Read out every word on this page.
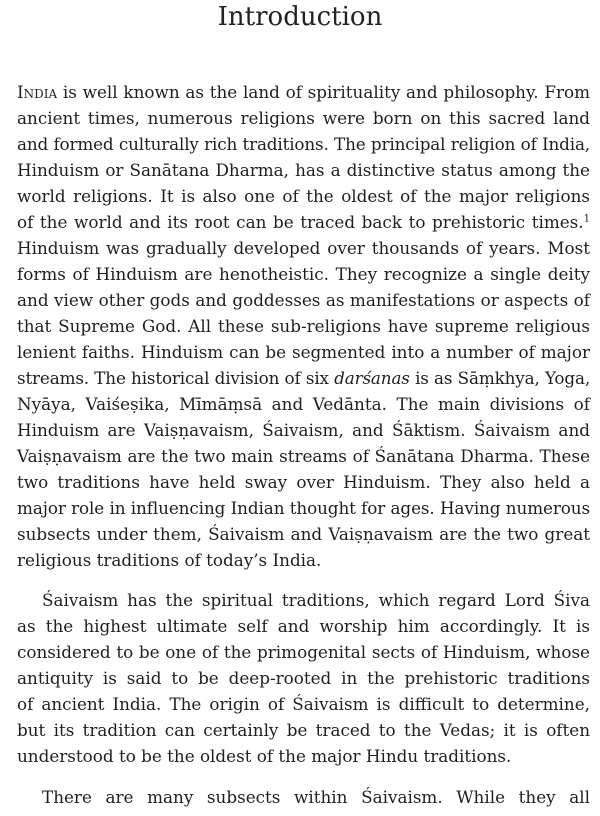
Introduction
India is well known as the land of spirituality and philosophy. From
ancient times, numerous religions were born on this sacred land
and formed culturally rich traditions. The principal religion of India,
Hinduism or Sanātana Dharma, has a distinctive status among the
world religions. It is also one of the oldest of the major religions
of the world and its root can be traced back to prehistoric times.$^1$
Hinduism was gradually developed over thousands of years. Most
forms of Hinduism are henotheistic. They recognize a single deity
and view other gods and goddesses as manifestations or aspects of
that Supreme God. All these sub-religions have supreme religious
lenient faiths. Hinduism can be segmented into a number of major
streams. The historical division of six darśanas is as Sāṃkhya, Yoga,
Nyāya, Vaiśeṣika, Mīmāṃsā and Vedānta. The main divisions of
Hinduism are Vaiṣṇavaism, Śaivaism, and Śāktism. Śaivaism and
Vaiṣṇavaism are the two main streams of Śanātana Dharma. These
two traditions have held sway over Hinduism. They also held a
major role in influencing Indian thought for ages. Having numerous
subsects under them, Śaivaism and Vaiṣṇavaism are the two great
religious traditions of today’s India.
Śaivaism has the spiritual traditions, which regard Lord Śiva
as the highest ultimate self and worship him accordingly. It is
considered to be one of the primogenital sects of Hinduism, whose
antiquity is said to be deep-rooted in the prehistoric traditions
of ancient India. The origin of Śaivaism is difficult to determine,
but its tradition can certainly be traced to the Vedas; it is often
understood to be the oldest of the major Hindu traditions.
There are many subsects within Śaivaism. While they all
